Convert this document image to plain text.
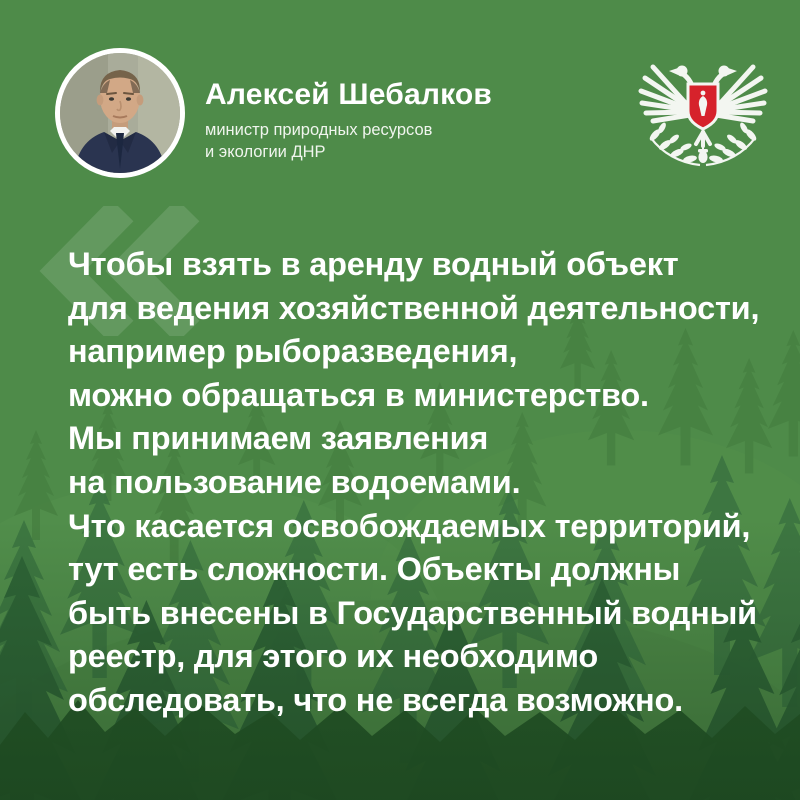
Алексей Шебалков
министр природных ресурсов
и экологии ДНР
Чтобы взять в аренду водный объект
для ведения хозяйственной деятельности,
например рыборазведения,
можно обращаться в министерство.
Мы принимаем заявления
на пользование водоемами.
Что касается освобождаемых территорий,
тут есть сложности. Объекты должны
быть внесены в Государственный водный
реестр, для этого их необходимо
обследовать, что не всегда возможно.
